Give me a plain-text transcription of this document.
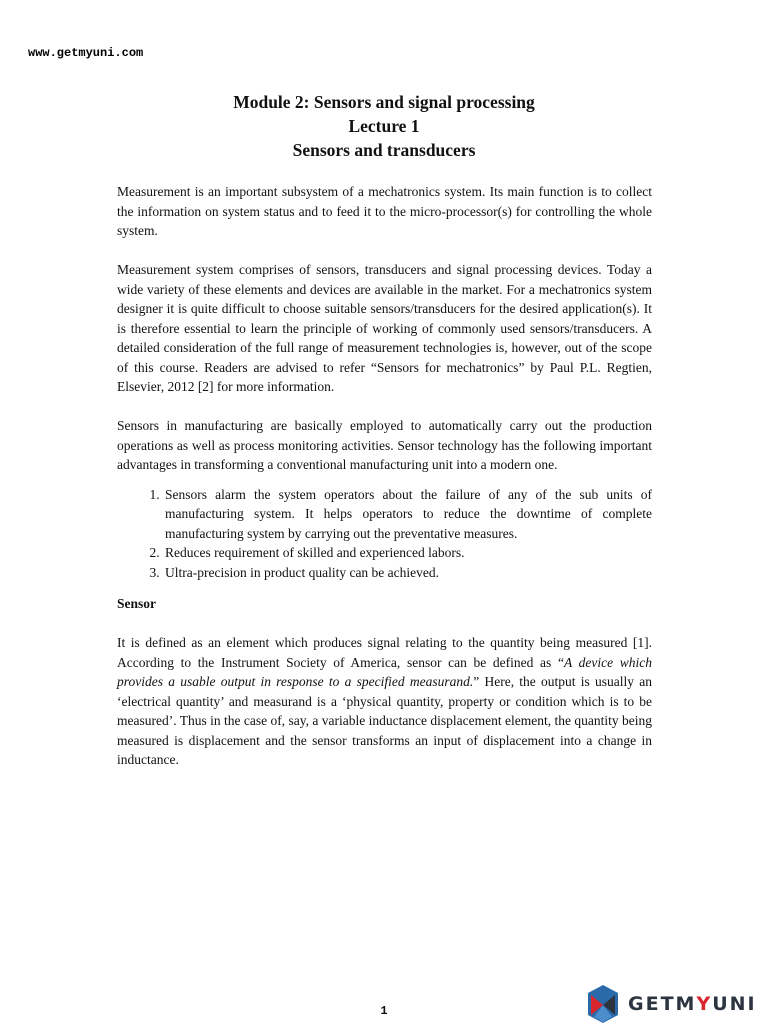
www.getmyuni.com
Module 2: Sensors and signal processing
Lecture 1
Sensors and transducers

Measurement is an important subsystem of a mechatronics system. Its main function is to collect the information on system status and to feed it to the micro-processor(s) for controlling the whole system.

Measurement system comprises of sensors, transducers and signal processing devices. Today a wide variety of these elements and devices are available in the market. For a mechatronics system designer it is quite difficult to choose suitable sensors/transducers for the desired application(s). It is therefore essential to learn the principle of working of commonly used sensors/transducers. A detailed consideration of the full range of measurement technologies is, however, out of the scope of this course. Readers are advised to refer “Sensors for mechatronics” by Paul P.L. Regtien, Elsevier, 2012 [2] for more information.

Sensors in manufacturing are basically employed to automatically carry out the production operations as well as process monitoring activities. Sensor technology has the following important advantages in transforming a conventional manufacturing unit into a modern one.

1. Sensors alarm the system operators about the failure of any of the sub units of manufacturing system. It helps operators to reduce the downtime of complete manufacturing system by carrying out the preventative measures.
2. Reduces requirement of skilled and experienced labors.
3. Ultra-precision in product quality can be achieved.
Sensor

It is defined as an element which produces signal relating to the quantity being measured [1]. According to the Instrument Society of America, sensor can be defined as “A device which provides a usable output in response to a specified measurand.” Here, the output is usually an ‘electrical quantity’ and measurand is a ‘physical quantity, property or condition which is to be measured’. Thus in the case of, say, a variable inductance displacement element, the quantity being measured is displacement and the sensor transforms an input of displacement into a change in inductance.

1	GETMYUNI
